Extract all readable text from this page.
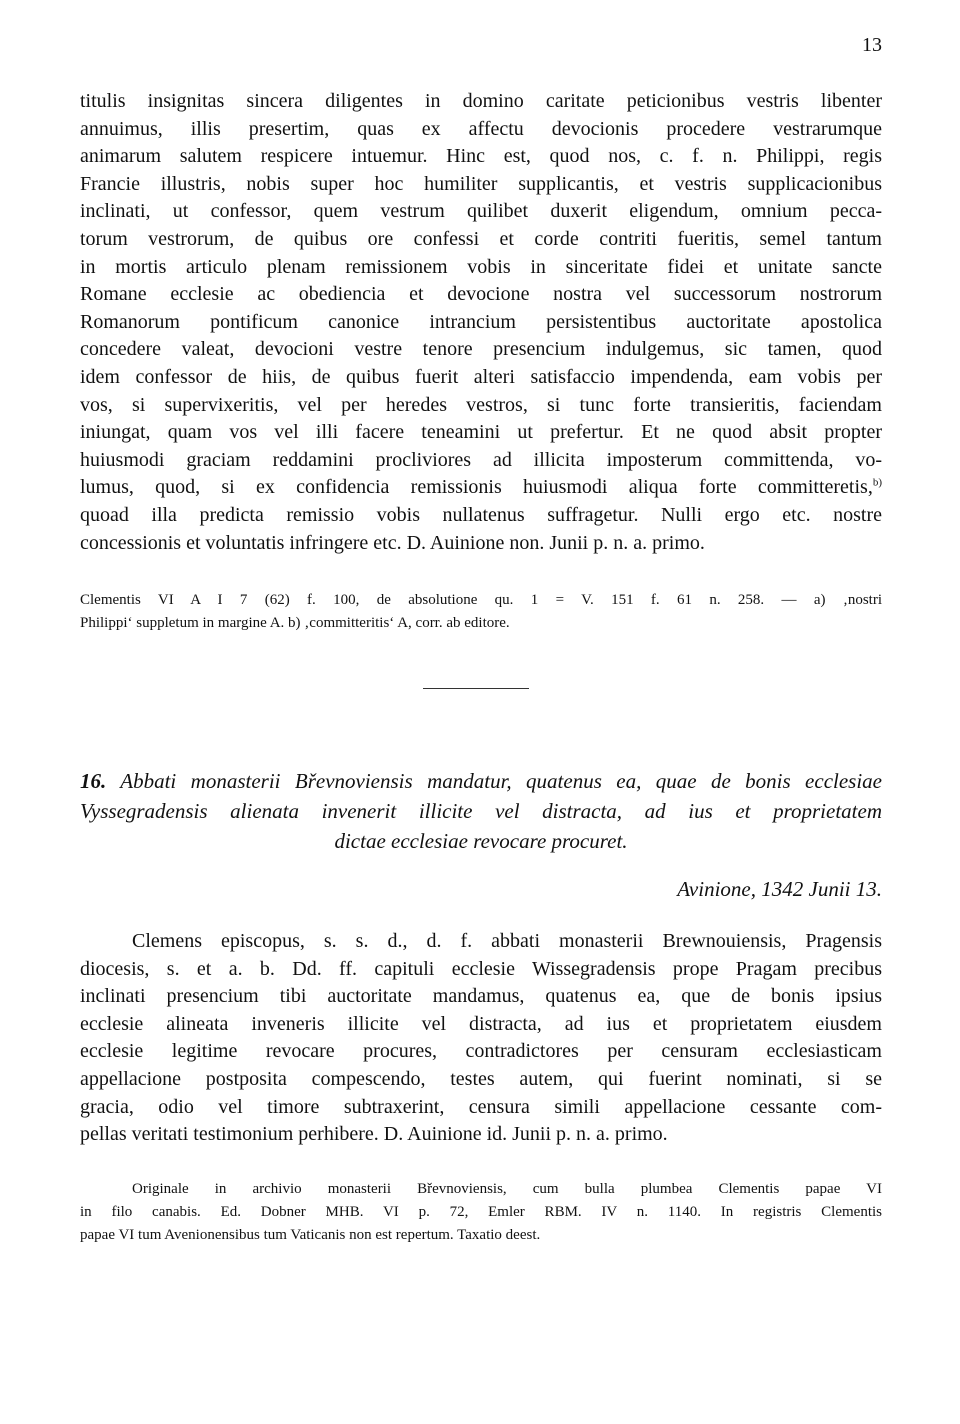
13
titulis insignitas sincera diligentes in domino caritate peticionibus vestris libenter
annuimus, illis presertim, quas ex affectu devocionis procedere vestrarumque
animarum salutem respicere intuemur. Hinc est, quod nos, c. f. n. Philippi, regis
Francie illustris, nobis super hoc humiliter supplicantis, et vestris supplicacionibus
inclinati, ut confessor, quem vestrum quilibet duxerit eligendum, omnium pecca-
torum vestrorum, de quibus ore confessi et corde contriti fueritis, semel tantum
in mortis articulo plenam remissionem vobis in sinceritate fidei et unitate sancte
Romane ecclesie ac obediencia et devocione nostra vel successorum nostrorum
Romanorum pontificum canonice intrancium persistentibus auctoritate apostolica
concedere valeat, devocioni vestre tenore presencium indulgemus, sic tamen, quod
idem confessor de hiis, de quibus fuerit alteri satisfaccio impendenda, eam vobis per
vos, si supervixeritis, vel per heredes vestros, si tunc forte transieritis, faciendam
iniungat, quam vos vel illi facere teneamini ut prefertur. Et ne quod absit propter
huiusmodi graciam reddamini procliviores ad illicita imposterum committenda, vo-
lumus, quod, si ex confidencia remissionis huiusmodi aliqua forte committeretis,$^{b)}$
quoad illa predicta remissio vobis nullatenus suffragetur. Nulli ergo etc. nostre
concessionis et voluntatis infringere etc. D. Auinione non. Junii p. n. a. primo.
Clementis VI A I 7 (62) f. 100, de absolutione qu. 1 = V. 151 f. 61 n. 258. — a) ‚nostri
Philippi‘ suppletum in margine A. b) ‚committeritis‘ A, corr. ab editore.
16. Abbati monasterii Břevnoviensis mandatur, quatenus ea, quae de bonis ecclesiae
Vyssegradensis alienata invenerit illicite vel distracta, ad ius et proprietatem
dictae ecclesiae revocare procuret.
Avinione, 1342 Junii 13.
Clemens episcopus, s. s. d., d. f. abbati monasterii Brewnouiensis, Pragensis
diocesis, s. et a. b. Dd. ff. capituli ecclesie Wissegradensis prope Pragam precibus
inclinati presencium tibi auctoritate mandamus, quatenus ea, que de bonis ipsius
ecclesie alineata inveneris illicite vel distracta, ad ius et proprietatem eiusdem
ecclesie legitime revocare procures, contradictores per censuram ecclesiasticam
appellacione postposita compescendo, testes autem, qui fuerint nominati, si se
gracia, odio vel timore subtraxerint, censura simili appellacione cessante com-
pellas veritati testimonium perhibere. D. Auinione id. Junii p. n. a. primo.
Originale in archivio monasterii Břevnoviensis, cum bulla plumbea Clementis papae VI
in filo canabis. Ed. Dobner MHB. VI p. 72, Emler RBM. IV n. 1140. In registris Clementis
papae VI tum Avenionensibus tum Vaticanis non est repertum. Taxatio deest.
